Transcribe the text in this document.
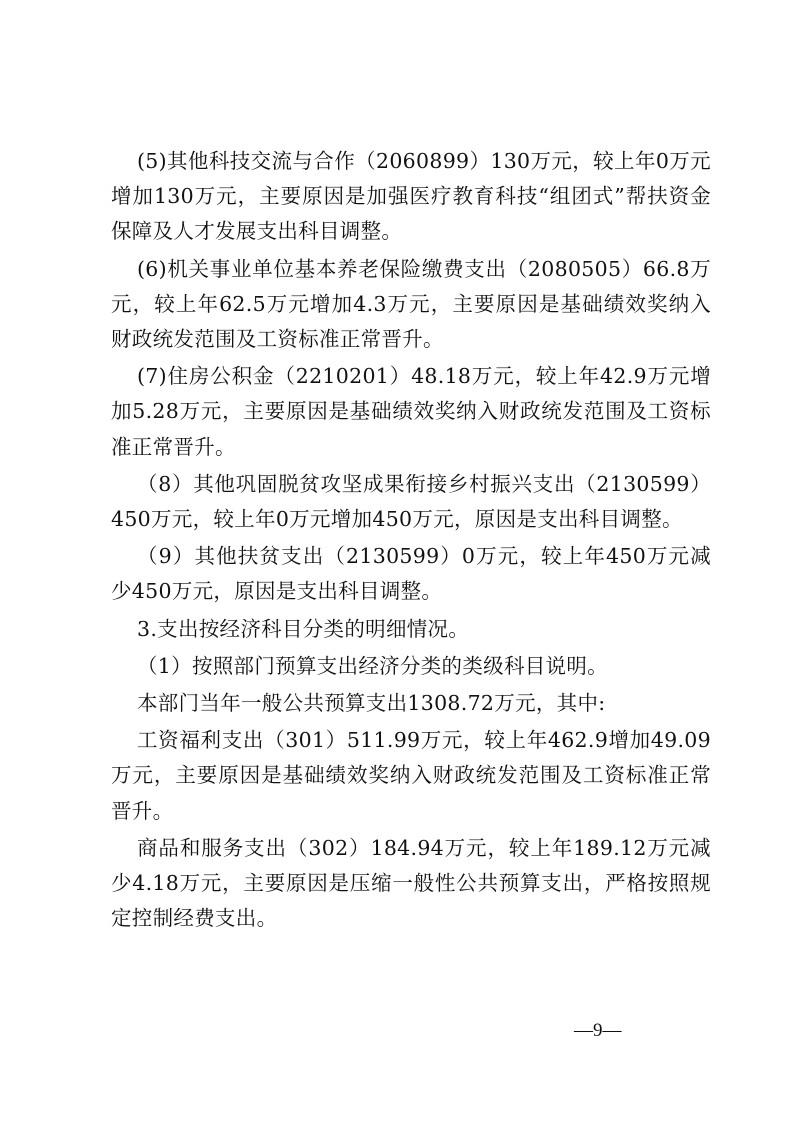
(5)其他科技交流与合作（2060899）130万元，较上年0万元增加130万元，主要原因是加强医疗教育科技“组团式”帮扶资金保障及人才发展支出科目调整。

(6)机关事业单位基本养老保险缴费支出（2080505）66.8万元，较上年62.5万元增加4.3万元，主要原因是基础绩效奖纳入财政统发范围及工资标准正常晋升。

(7)住房公积金（2210201）48.18万元，较上年42.9万元增加5.28万元，主要原因是基础绩效奖纳入财政统发范围及工资标准正常晋升。

（8）其他巩固脱贫攻坚成果衔接乡村振兴支出（2130599）450万元，较上年0万元增加450万元，原因是支出科目调整。

（9）其他扶贫支出（2130599）0万元，较上年450万元减少450万元，原因是支出科目调整。

3.支出按经济科目分类的明细情况。

（1）按照部门预算支出经济分类的类级科目说明。

本部门当年一般公共预算支出1308.72万元，其中:

工资福利支出（301）511.99万元，较上年462.9增加49.09万元，主要原因是基础绩效奖纳入财政统发范围及工资标准正常晋升。

商品和服务支出（302）184.94万元，较上年189.12万元减少4.18万元，主要原因是压缩一般性公共预算支出，严格按照规定控制经费支出。

—9—
